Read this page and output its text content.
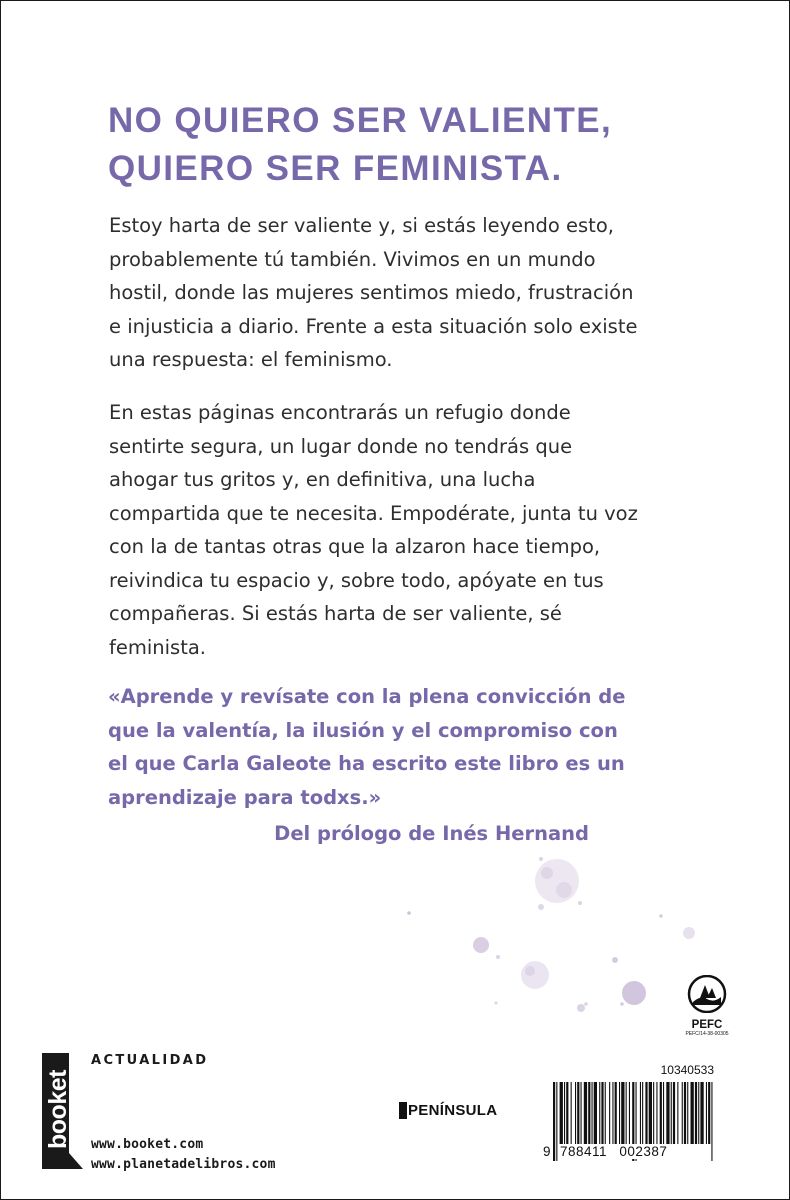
NO QUIERO SER VALIENTE,
QUIERO SER FEMINISTA.

Estoy harta de ser valiente y, si estás leyendo esto, probablemente tú también. Vivimos en un mundo hostil, donde las mujeres sentimos miedo, frustración e injusticia a diario. Frente a esta situación solo existe una respuesta: el feminismo.

En estas páginas encontrarás un refugio donde sentirte segura, un lugar donde no tendrás que ahogar tus gritos y, en definitiva, una lucha compartida que te necesita. Empodérate, junta tu voz con la de tantas otras que la alzaron hace tiempo, reivindica tu espacio y, sobre todo, apóyate en tus compañeras. Si estás harta de ser valiente, sé feminista.

«Aprende y revísate con la plena convicción de que la valentía, la ilusión y el compromiso con el que Carla Galeote ha escrito este libro es un aprendizaje para todxs.»

Del prólogo de Inés Hernand
PEFC
PEFC/14-38-00305
booket
ACTUALIDAD
www.booket.com
www.planetadelibros.com
PENÍNSULA
10340533
9 788411 002387
